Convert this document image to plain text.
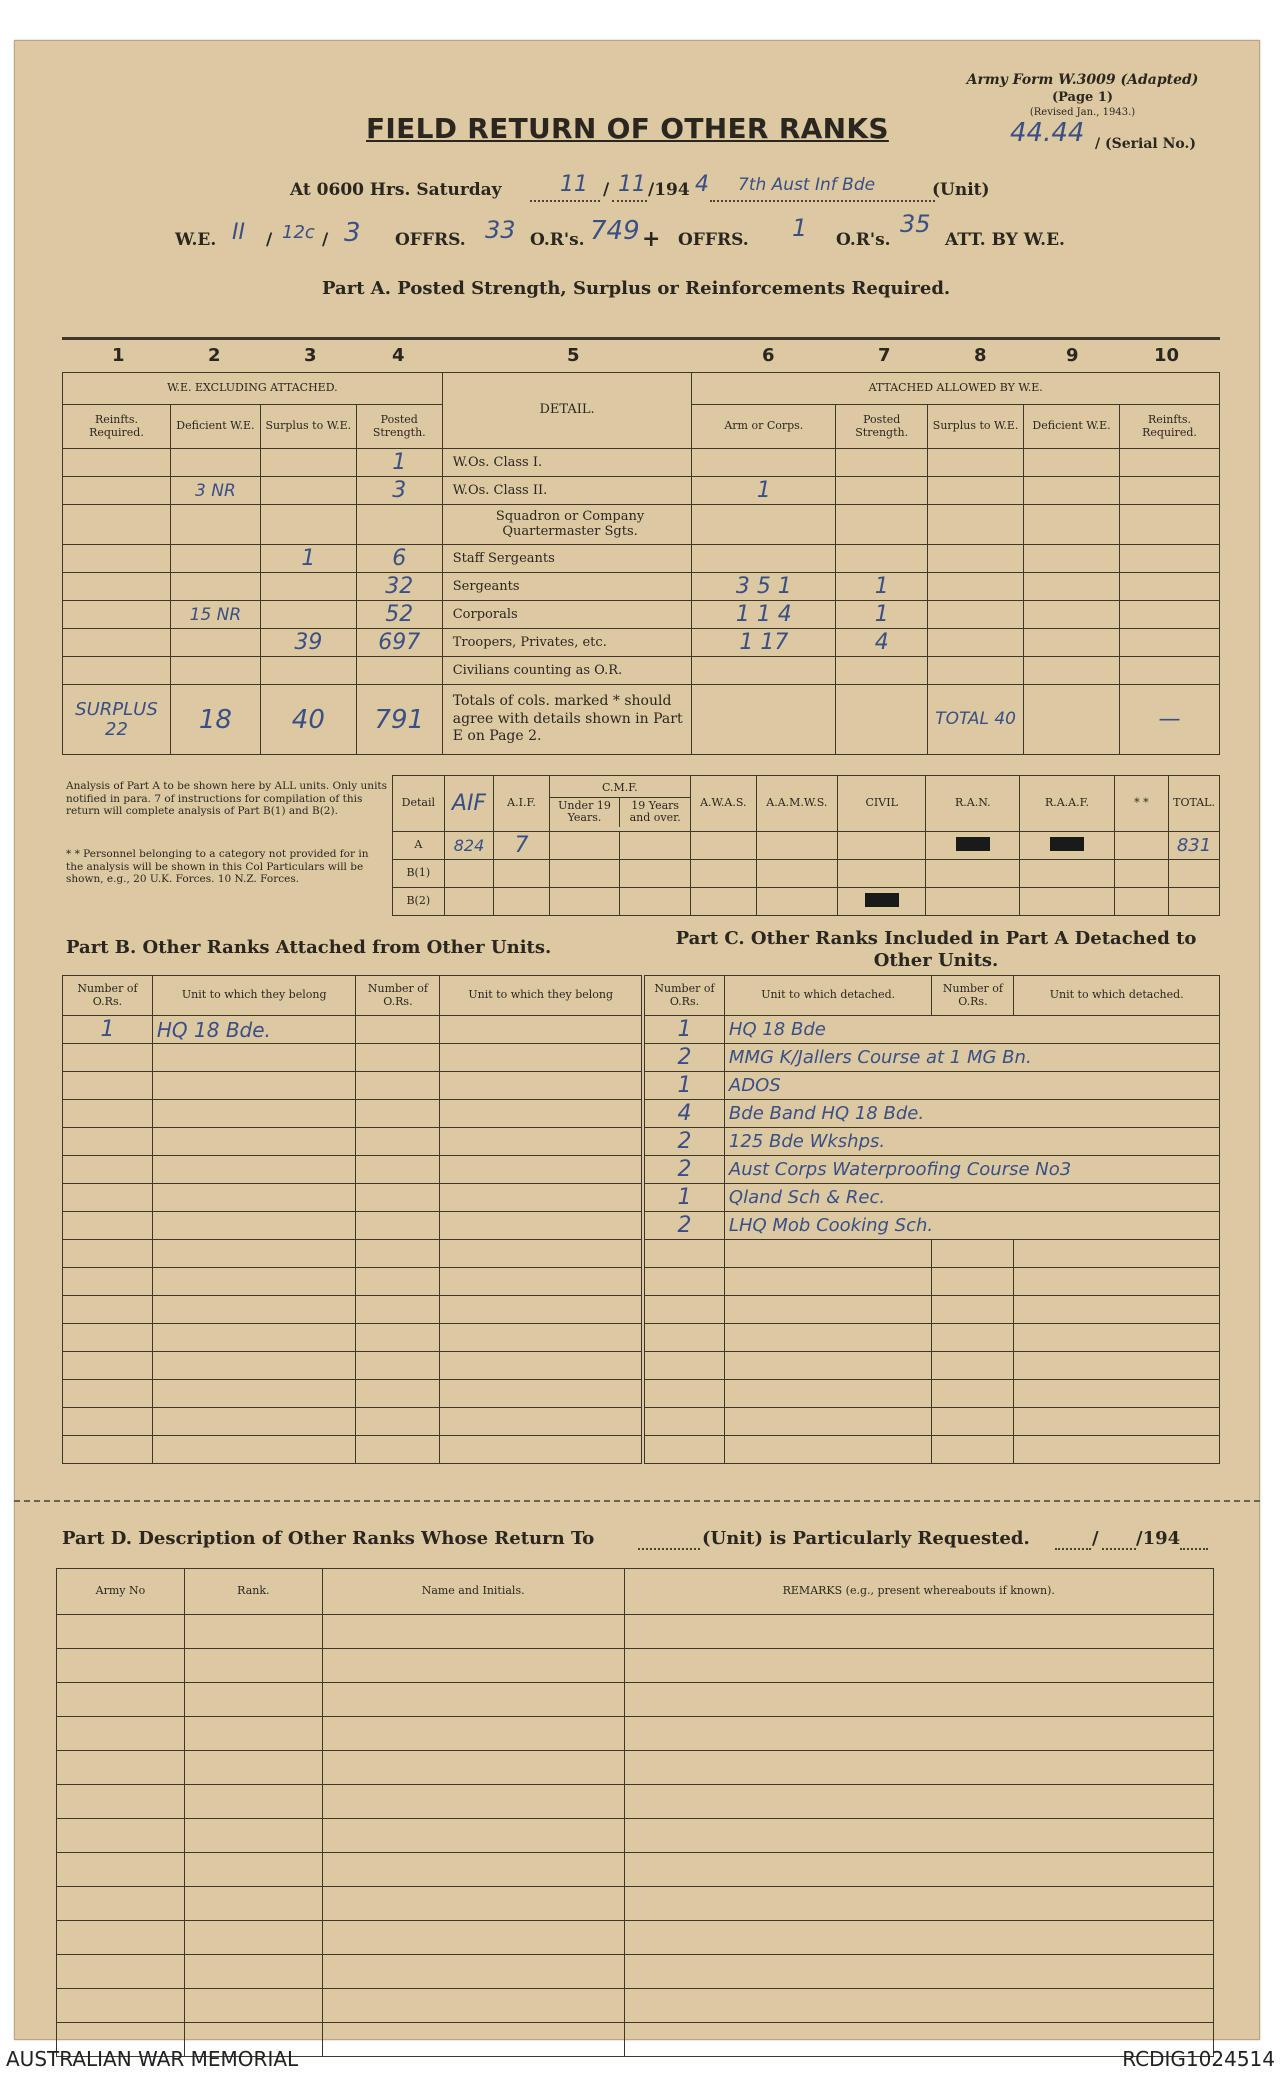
Army Form W.3009 (Adapted)
(Page 1)
(Revised Jan., 1943.)
44.44 / (Serial No.)
FIELD RETURN OF OTHER RANKS
At 0600 Hrs. Saturday	11 / 11 /194 4 7th Aust Inf Bde	(Unit)
W.E. II / 12c / 3 OFFRS. 33 O.R's. 749 + OFFRS. 1 O.R's.
35
ATT. BY W.E.
Part A. Posted Strength, Surplus or Reinforcements Required.
1	2	3	4	5	6	7	8	9	10
W.E. EXCLUDING ATTACHED.				DETAIL.	ATTACHED ALLOWED BY W.E.				
Reinfts. Required.	Deficient W.E.	Surplus to W.E.	Posted Strength.		Arm or Corps.	Posted Strength.	Surplus to W.E.	Deficient W.E.	Reinfts. Required.
			1	W.Os. Class I.					
	3 NR		3	W.Os. Class II.	1				
				Squadron or Company Quartermaster Sgts.					
		1	6	Staff Sergeants					
			32	Sergeants	3 5 1	1			
	15 NR		52	Corporals	1 1 4	1			
		39	697	Troopers, Privates, etc.	1 17	4			
				Civilians counting as O.R.					
SURPLUS 22	18	40	791	Totals of cols. marked * should agree with details shown in Part E on Page 2.			TOTAL 40		—
Analysis of Part A to be shown here by ALL units. Only units notified in para. 7 of instructions for compilation of this return will complete analysis of Part B(1) and B(2).
* * Personnel belonging to a category not provided for in the analysis will be shown in this Col Particulars will be shown, e.g., 20 U.K. Forces. 10 N.Z. Forces.
Detail	AIF	A.I.F.	C.M.F.
Under 19 Years.
19 Years and over.		A.W.A.S.	A.A.M.W.S.	CIVIL	R.A.N.	R.A.A.F.	* *	TOTAL.
A	824	7									831
B(1)											
B(2)											
Part B. Other Ranks Attached from Other Units.	Part C. Other Ranks Included in Part A Detached to Other Units.
Number of O.Rs.	Unit to which they belong	Number of O.Rs.	Unit to which they belong
1	HQ 18 Bde.		

Number of O.Rs.	Unit to which detached.	Number of O.Rs.	Unit to which detached.
1	HQ 18 Bde		
2	MMG K/Jallers Course at 1 MG Bn.		
1	ADOS		
4	Bde Band HQ 18 Bde.		
2	125 Bde Wkshps.		
2	Aust Corps Waterproofing Course No3		
1	Qland Sch & Rec.		
2	LHQ Mob Cooking Sch.		

Part D. Description of Other Ranks Whose Return To	(Unit) is Particularly Requested.	/ /194
Army No	Rank.	Name and Initials.	REMARKS (e.g., present whereabouts if known).

AUSTRALIAN WAR MEMORIAL	RCDIG1024514
